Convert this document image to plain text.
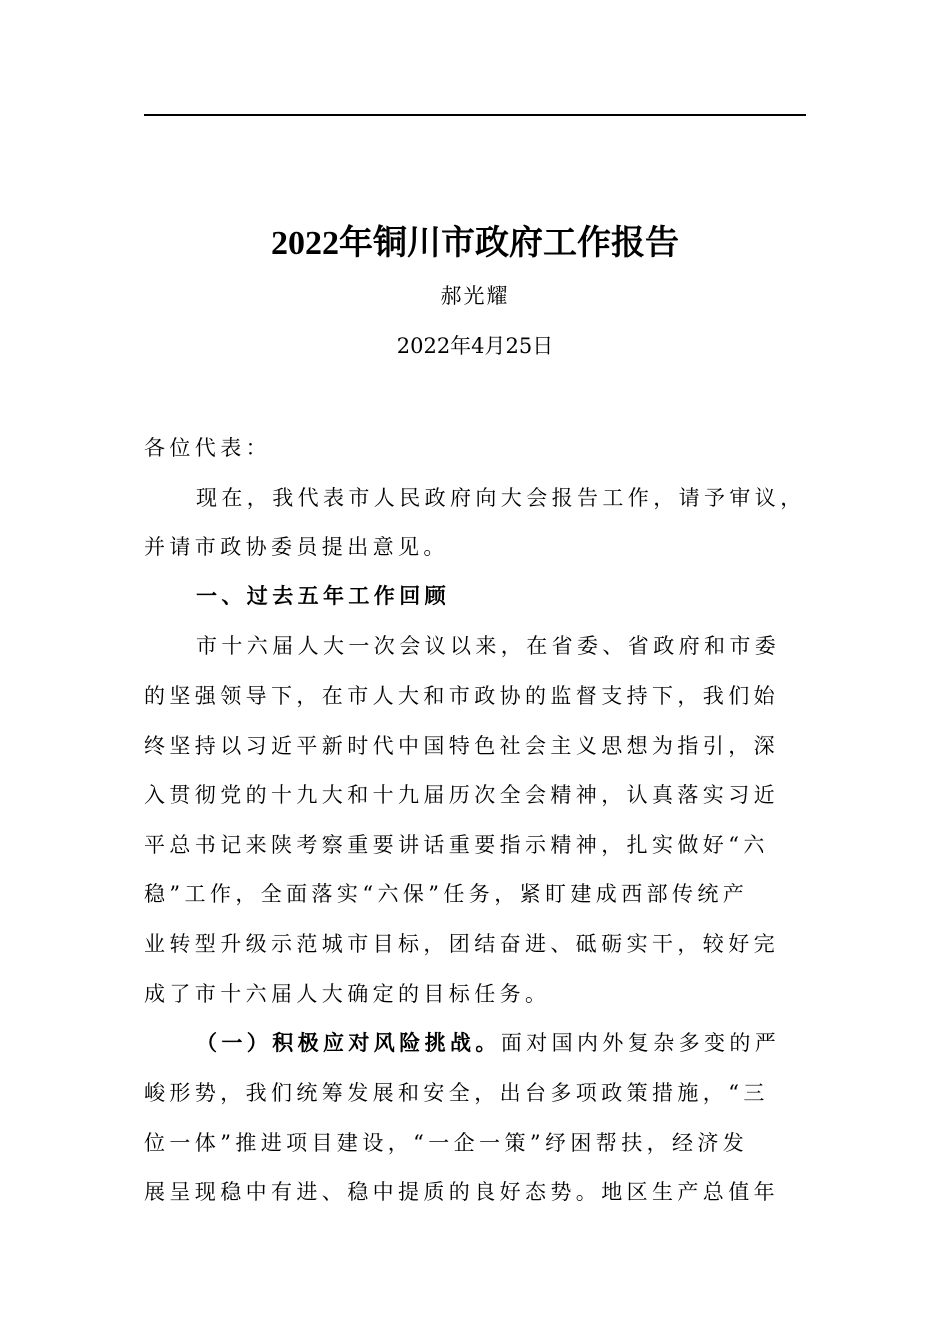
2022年铜川市政府工作报告
郝光耀
2022年4月25日
各位代表：
现在，我代表市人民政府向大会报告工作，请予审议，
并请市政协委员提出意见。
一、过去五年工作回顾
市十六届人大一次会议以来，在省委、省政府和市委
的坚强领导下，在市人大和市政协的监督支持下，我们始
终坚持以习近平新时代中国特色社会主义思想为指引，深
入贯彻党的十九大和十九届历次全会精神，认真落实习近
平总书记来陕考察重要讲话重要指示精神，扎实做好“六
稳”工作，全面落实“六保”任务，紧盯建成西部传统产
业转型升级示范城市目标，团结奋进、砥砺实干，较好完
成了市十六届人大确定的目标任务。
（一）积极应对风险挑战。面对国内外复杂多变的严
峻形势，我们统筹发展和安全，出台多项政策措施，“三
位一体”推进项目建设，“一企一策”纾困帮扶，经济发
展呈现稳中有进、稳中提质的良好态势。地区生产总值年
